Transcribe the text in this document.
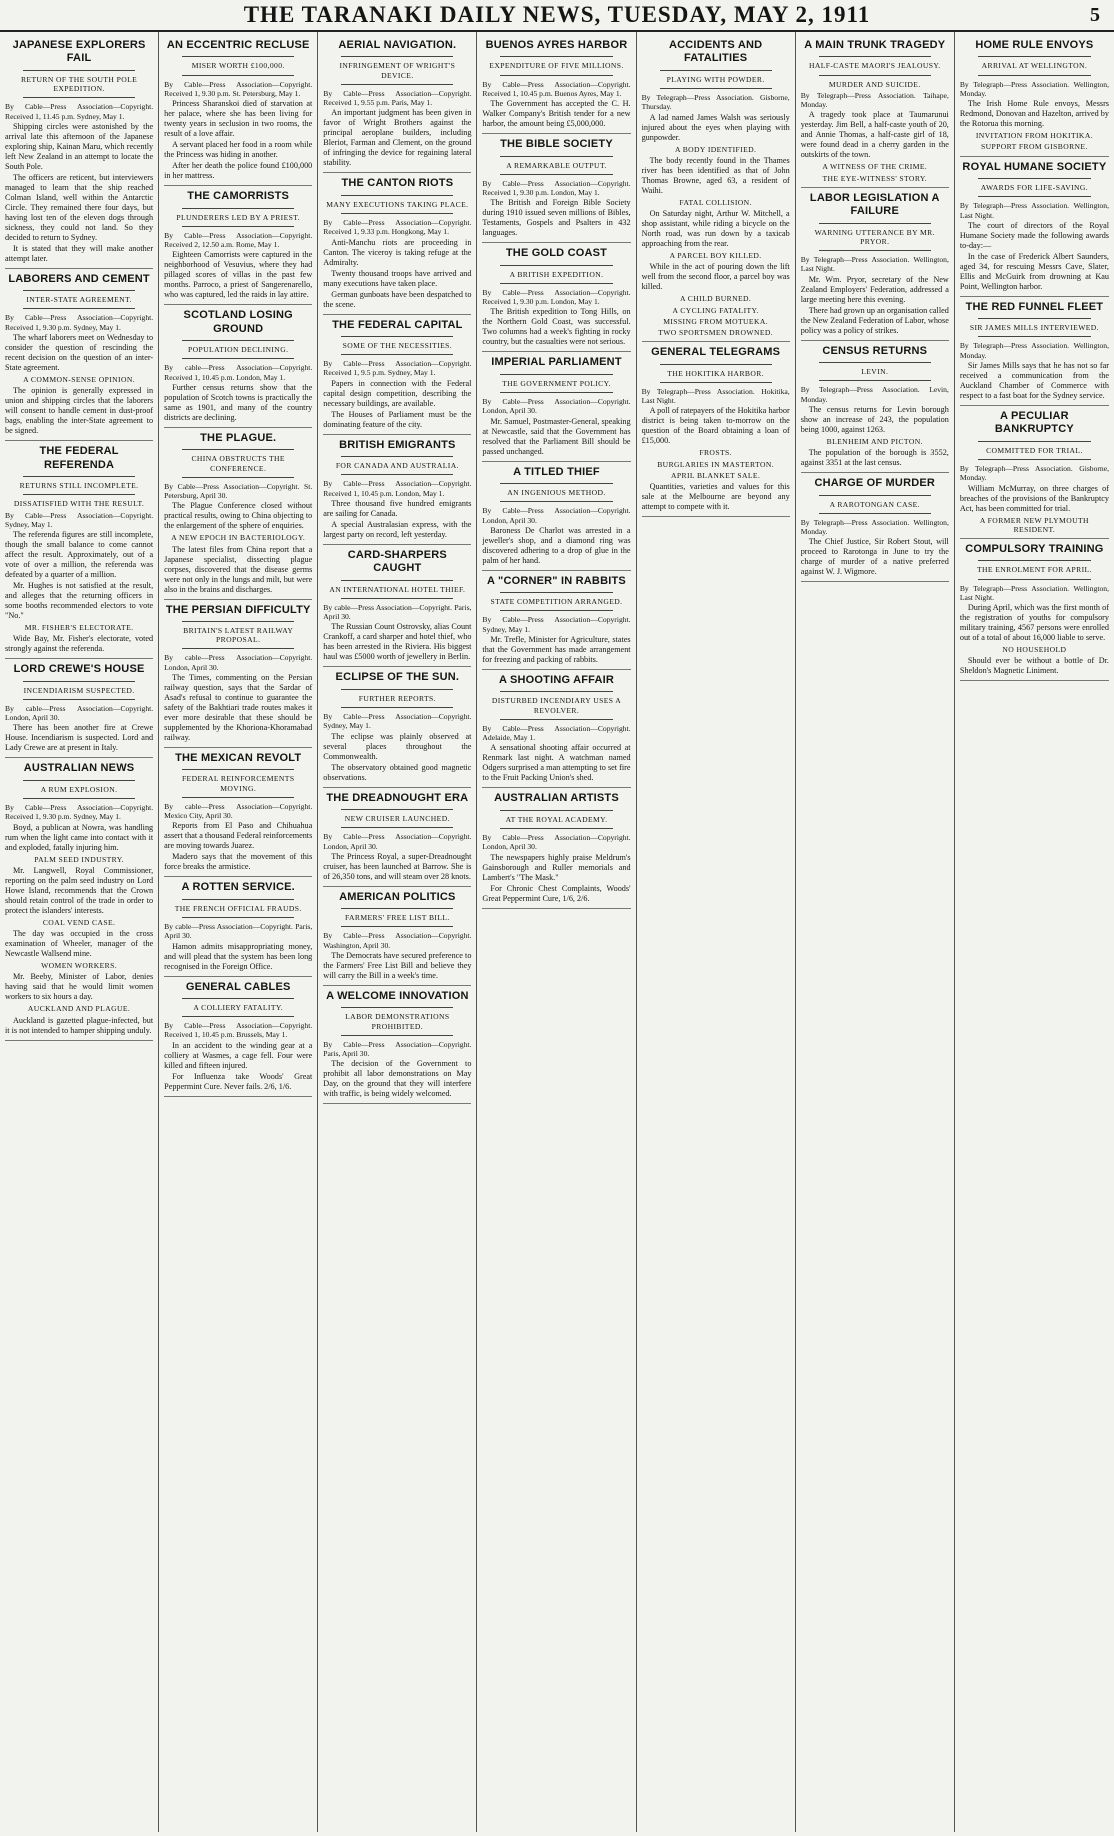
THE TARANAKI DAILY NEWS, TUESDAY, MAY 2, 1911	5
JAPANESE EXPLORERS FAIL
RETURN OF THE SOUTH POLE EXPEDITION.
By Cable—Press Association—Copyright. Received 1, 11.45 p.m. Sydney, May 1.
Shipping circles were astonished by the arrival late this afternoon of the Japanese exploring ship, Kainan Maru, which recently left New Zealand in an attempt to locate the South Pole.
The officers are reticent, but interviewers managed to learn that the ship reached Colman Island, well within the Antarctic Circle. They remained there four days, but having lost ten of the eleven dogs through sickness, they could not land. So they decided to return to Sydney.
It is stated that they will make another attempt later.
LABORERS AND CEMENT
INTER-STATE AGREEMENT.
By Cable—Press Association—Copyright. Received 1, 9.30 p.m. Sydney, May 1.
The wharf laborers meet on Wednesday to consider the question of rescinding the recent decision on the question of an inter-State agreement.
A COMMON-SENSE OPINION.
The opinion is generally expressed in union and shipping circles that the laborers will consent to handle cement in dust-proof bags, enabling the inter-State agreement to be signed.
THE FEDERAL REFERENDA
RETURNS STILL INCOMPLETE.
DISSATISFIED WITH THE RESULT.
By Cable—Press Association—Copyright. Sydney, May 1.
The referenda figures are still incomplete, though the small balance to come cannot affect the result. Approximately, out of a vote of over a million, the referenda was defeated by a quarter of a million.
Mr. Hughes is not satisfied at the result, and alleges that the returning officers in some booths recommended electors to vote "No."
MR. FISHER'S ELECTORATE.
Wide Bay, Mr. Fisher's electorate, voted strongly against the referenda.
LORD CREWE'S HOUSE
INCENDIARISM SUSPECTED.
By cable—Press Association—Copyright. London, April 30.
There has been another fire at Crewe House. Incendiarism is suspected. Lord and Lady Crewe are at present in Italy.
AUSTRALIAN NEWS
A RUM EXPLOSION.
By Cable—Press Association—Copyright. Received 1, 9.30 p.m. Sydney, May 1.
Boyd, a publican at Nowra, was handling rum when the light came into contact with it and exploded, fatally injuring him.
PALM SEED INDUSTRY.
Mr. Langwell, Royal Commissioner, reporting on the palm seed industry on Lord Howe Island, recommends that the Crown should retain control of the trade in order to protect the islanders' interests.
COAL VEND CASE.
The day was occupied in the cross examination of Wheeler, manager of the Newcastle Wallsend mine.
WOMEN WORKERS.
Mr. Beeby, Minister of Labor, denies having said that he would limit women workers to six hours a day.
AUCKLAND AND PLAGUE.
Auckland is gazetted plague-infected, but it is not intended to hamper shipping unduly.
AN ECCENTRIC RECLUSE
MISER WORTH £100,000.
By Cable—Press Association—Copyright. Received 1, 9.30 p.m. St. Petersburg, May 1.
Princess Sharanskoi died of starvation at her palace, where she has been living for twenty years in seclusion in two rooms, the result of a love affair.
A servant placed her food in a room while the Princess was hiding in another.
After her death the police found £100,000 in her mattress.
THE CAMORRISTS
PLUNDERERS LED BY A PRIEST.
By Cable—Press Association—Copyright. Received 2, 12.50 a.m. Rome, May 1.
Eighteen Camorrists were captured in the neighborhood of Vesuvius, where they had pillaged scores of villas in the past few months. Parroco, a priest of Sangerenarello, who was captured, led the raids in lay attire.
SCOTLAND LOSING GROUND
POPULATION DECLINING.
By cable—Press Association—Copyright. Received 1, 10.45 p.m. London, May 1.
Further census returns show that the population of Scotch towns is practically the same as 1901, and many of the country districts are declining.
THE PLAGUE.
CHINA OBSTRUCTS THE CONFERENCE.
By Cable—Press Association—Copyright. St. Petersburg, April 30.
The Plague Conference closed without practical results, owing to China objecting to the enlargement of the sphere of enquiries.
A NEW EPOCH IN BACTERIOLOGY.
The latest files from China report that a Japanese specialist, dissecting plague corpses, discovered that the disease germs were not only in the lungs and milt, but were also in the brains and discharges.
THE PERSIAN DIFFICULTY
BRITAIN'S LATEST RAILWAY PROPOSAL.
By cable—Press Association—Copyright. London, April 30.
The Times, commenting on the Persian railway question, says that the Sardar of Asad's refusal to continue to guarantee the safety of the Bakhtiari trade routes makes it ever more desirable that these should be supplemented by the Khoriona-Khoramabad railway.
THE MEXICAN REVOLT
FEDERAL REINFORCEMENTS MOVING.
By cable—Press Association—Copyright. Mexico City, April 30.
Reports from El Paso and Chihuahua assert that a thousand Federal reinforcements are moving towards Juarez.
Madero says that the movement of this force breaks the armistice.
A ROTTEN SERVICE.
THE FRENCH OFFICIAL FRAUDS.
By cable—Press Association—Copyright. Paris, April 30.
Hamon admits misappropriating money, and will plead that the system has been long recognised in the Foreign Office.
GENERAL CABLES
A COLLIERY FATALITY.
By Cable—Press Association—Copyright. Received 1, 10.45 p.m. Brussels, May 1.
In an accident to the winding gear at a colliery at Wasmes, a cage fell. Four were killed and fifteen injured.
For Influenza take Woods' Great Peppermint Cure. Never fails. 2/6, 1/6.
AERIAL NAVIGATION.
INFRINGEMENT OF WRIGHT'S DEVICE.
By Cable—Press Association—Copyright. Received 1, 9.55 p.m. Paris, May 1.
An important judgment has been given in favor of Wright Brothers against the principal aeroplane builders, including Bleriot, Farman and Clement, on the ground of infringing the device for regaining lateral stability.
THE CANTON RIOTS
MANY EXECUTIONS TAKING PLACE.
By Cable—Press Association—Copyright. Received 1, 9.33 p.m. Hongkong, May 1.
Anti-Manchu riots are proceeding in Canton. The viceroy is taking refuge at the Admiralty.
Twenty thousand troops have arrived and many executions have taken place.
German gunboats have been despatched to the scene.
THE FEDERAL CAPITAL
SOME OF THE NECESSITIES.
By Cable—Press Association—Copyright. Received 1, 9.5 p.m. Sydney, May 1.
Papers in connection with the Federal capital design competition, describing the necessary buildings, are available.
The Houses of Parliament must be the dominating feature of the city.
BRITISH EMIGRANTS
FOR CANADA AND AUSTRALIA.
By Cable—Press Association—Copyright. Received 1, 10.45 p.m. London, May 1.
Three thousand five hundred emigrants are sailing for Canada.
A special Australasian express, with the largest party on record, left yesterday.
CARD-SHARPERS CAUGHT
AN INTERNATIONAL HOTEL THIEF.
By cable—Press Association—Copyright. Paris, April 30.
The Russian Count Ostrovsky, alias Count Crankoff, a card sharper and hotel thief, who has been arrested in the Riviera. His biggest haul was £5000 worth of jewellery in Berlin.
ECLIPSE OF THE SUN.
FURTHER REPORTS.
By Cable—Press Association—Copyright. Sydney, May 1.
The eclipse was plainly observed at several places throughout the Commonwealth.
The observatory obtained good magnetic observations.
THE DREADNOUGHT ERA
NEW CRUISER LAUNCHED.
By Cable—Press Association—Copyright. London, April 30.
The Princess Royal, a super-Dreadnought cruiser, has been launched at Barrow. She is of 26,350 tons, and will steam over 28 knots.
AMERICAN POLITICS
FARMERS' FREE LIST BILL.
By Cable—Press Association—Copyright. Washington, April 30.
The Democrats have secured preference to the Farmers' Free List Bill and believe they will carry the Bill in a week's time.
A WELCOME INNOVATION
LABOR DEMONSTRATIONS PROHIBITED.
By Cable—Press Association—Copyright. Paris, April 30.
The decision of the Government to prohibit all labor demonstrations on May Day, on the ground that they will interfere with traffic, is being widely welcomed.
BUENOS AYRES HARBOR
EXPENDITURE OF FIVE MILLIONS.
By Cable—Press Association—Copyright. Received 1, 10.45 p.m. Buenos Ayres, May 1.
The Government has accepted the C. H. Walker Company's British tender for a new harbor, the amount being £5,000,000.
THE BIBLE SOCIETY
A REMARKABLE OUTPUT.
By Cable—Press Association—Copyright. Received 1, 9.30 p.m. London, May 1.
The British and Foreign Bible Society during 1910 issued seven millions of Bibles, Testaments, Gospels and Psalters in 432 languages.
THE GOLD COAST
A BRITISH EXPEDITION.
By Cable—Press Association—Copyright. Received 1, 9.30 p.m. London, May 1.
The British expedition to Tong Hills, on the Northern Gold Coast, was successful. Two columns had a week's fighting in rocky country, but the casualties were not serious.
IMPERIAL PARLIAMENT
THE GOVERNMENT POLICY.
By Cable—Press Association—Copyright. London, April 30.
Mr. Samuel, Postmaster-General, speaking at Newcastle, said that the Government has resolved that the Parliament Bill should be passed unchanged.
A TITLED THIEF
AN INGENIOUS METHOD.
By Cable—Press Association—Copyright. London, April 30.
Baroness De Charlot was arrested in a jeweller's shop, and a diamond ring was discovered adhering to a drop of glue in the palm of her hand.
A "CORNER" IN RABBITS
STATE COMPETITION ARRANGED.
By Cable—Press Association—Copyright. Sydney, May 1.
Mr. Trefle, Minister for Agriculture, states that the Government has made arrangement for freezing and packing of rabbits.
A SHOOTING AFFAIR
DISTURBED INCENDIARY USES A REVOLVER.
By Cable—Press Association—Copyright. Adelaide, May 1.
A sensational shooting affair occurred at Renmark last night. A watchman named Odgers surprised a man attempting to set fire to the Fruit Packing Union's shed.
AUSTRALIAN ARTISTS
AT THE ROYAL ACADEMY.
By Cable—Press Association—Copyright. London, April 30.
The newspapers highly praise Meldrum's Gainsborough and Ruller memorials and Lambert's "The Mask."
For Chronic Chest Complaints, Woods' Great Peppermint Cure, 1/6, 2/6.
ACCIDENTS AND FATALITIES
PLAYING WITH POWDER.
By Telegraph—Press Association. Gisborne, Thursday.
A lad named James Walsh was seriously injured about the eyes when playing with gunpowder.
A BODY IDENTIFIED.
The body recently found in the Thames river has been identified as that of John Thomas Browne, aged 63, a resident of Waihi.
FATAL COLLISION.
On Saturday night, Arthur W. Mitchell, a shop assistant, while riding a bicycle on the North road, was run down by a taxicab approaching from the rear.
A PARCEL BOY KILLED.
While in the act of pouring down the lift well from the second floor, a parcel boy was killed.
A CHILD BURNED.
A CYCLING FATALITY.
MISSING FROM MOTUEKA.
TWO SPORTSMEN DROWNED.
GENERAL TELEGRAMS
THE HOKITIKA HARBOR.
By Telegraph—Press Association. Hokitika, Last Night.
A poll of ratepayers of the Hokitika harbor district is being taken to-morrow on the question of the Board obtaining a loan of £15,000.
FROSTS.
BURGLARIES IN MASTERTON.
APRIL BLANKET SALE.
Quantities, varieties and values for this sale at the Melbourne are beyond any attempt to compete with it.
A MAIN TRUNK TRAGEDY
HALF-CASTE MAORI'S JEALOUSY.
MURDER AND SUICIDE.
By Telegraph—Press Association. Taihape, Monday.
A tragedy took place at Taumarunui yesterday. Jim Bell, a half-caste youth of 20, and Annie Thomas, a half-caste girl of 18, were found dead in a cherry garden in the outskirts of the town.
A WITNESS OF THE CRIME.
THE EYE-WITNESS' STORY.
LABOR LEGISLATION A FAILURE
WARNING UTTERANCE BY MR. PRYOR.
By Telegraph—Press Association. Wellington, Last Night.
Mr. Wm. Pryor, secretary of the New Zealand Employers' Federation, addressed a large meeting here this evening.
There had grown up an organisation called the New Zealand Federation of Labor, whose policy was a policy of strikes.
CENSUS RETURNS
LEVIN.
By Telegraph—Press Association. Levin, Monday.
The census returns for Levin borough show an increase of 243, the population being 1000, against 1263.
BLENHEIM AND PICTON.
The population of the borough is 3552, against 3351 at the last census.
CHARGE OF MURDER
A RAROTONGAN CASE.
By Telegraph—Press Association. Wellington, Monday.
The Chief Justice, Sir Robert Stout, will proceed to Rarotonga in June to try the charge of murder of a native preferred against W. J. Wigmore.
HOME RULE ENVOYS
ARRIVAL AT WELLINGTON.
By Telegraph—Press Association. Wellington, Monday.
The Irish Home Rule envoys, Messrs Redmond, Donovan and Hazelton, arrived by the Rotorua this morning.
INVITATION FROM HOKITIKA.
SUPPORT FROM GISBORNE.
ROYAL HUMANE SOCIETY
AWARDS FOR LIFE-SAVING.
By Telegraph—Press Association. Wellington, Last Night.
The court of directors of the Royal Humane Society made the following awards to-day:—
In the case of Frederick Albert Saunders, aged 34, for rescuing Messrs Cave, Slater, Ellis and McGuirk from drowning at Kau Point, Wellington harbor.
THE RED FUNNEL FLEET
SIR JAMES MILLS INTERVIEWED.
By Telegraph—Press Association. Wellington, Monday.
Sir James Mills says that he has not so far received a communication from the Auckland Chamber of Commerce with respect to a fast boat for the Sydney service.
A PECULIAR BANKRUPTCY
COMMITTED FOR TRIAL.
By Telegraph—Press Association. Gisborne, Monday.
William McMurray, on three charges of breaches of the provisions of the Bankruptcy Act, has been committed for trial.
A FORMER NEW PLYMOUTH RESIDENT.
COMPULSORY TRAINING
THE ENROLMENT FOR APRIL.
By Telegraph—Press Association. Wellington, Last Night.
During April, which was the first month of the registration of youths for compulsory military training, 4567 persons were enrolled out of a total of about 16,000 liable to serve.
NO HOUSEHOLD
Should ever be without a bottle of Dr. Sheldon's Magnetic Liniment.
